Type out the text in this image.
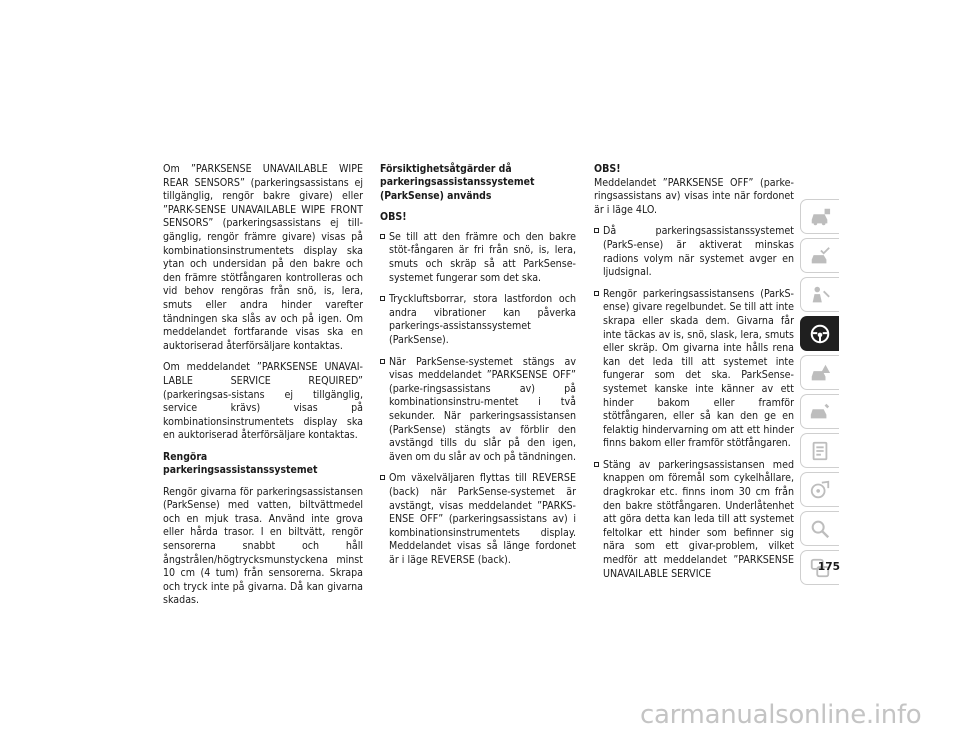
Om ”PARKSENSE UNAVAILABLE WIPE REAR SENSORS” (parkeringsassistans ej tillgänglig, rengör bakre givare) eller ”PARK-SENSE UNAVAILABLE WIPE FRONT SENSORS” (parkeringsassistans ej till-gänglig, rengör främre givare) visas på kombinationsinstrumentets display ska ytan och undersidan på den bakre och den främre stötfångaren kontrolleras och vid behov rengöras från snö, is, lera, smuts eller andra hinder varefter tändningen ska slås av och på igen. Om meddelandet fortfarande visas ska en auktoriserad återförsäljare kontaktas.

Om meddelandet ”PARKSENSE UNAVAI-LABLE SERVICE REQUIRED” (parkeringsas-sistans ej tillgänglig, service krävs) visas på kombinationsinstrumentets display ska en auktoriserad återförsäljare kontaktas.

Rengöra parkeringsassistanssystemet

Rengör givarna för parkeringsassistansen (ParkSense) med vatten, biltvättmedel och en mjuk trasa. Använd inte grova eller hårda trasor. I en biltvätt, rengör sensorerna snabbt och håll ångstrålen/högtrycksmunstyckena minst 10 cm (4 tum) från sensorerna. Skrapa och tryck inte på givarna. Då kan givarna skadas.

Försiktighetsåtgärder då parkeringsassistanssystemet (ParkSense) används
OBS!
Se till att den främre och den bakre stöt-fångaren är fri från snö, is, lera, smuts och skräp så att ParkSense-systemet fungerar som det ska.
Tryckluftsborrar, stora lastfordon och andra vibrationer kan påverka parkerings-assistanssystemet (ParkSense).
När ParkSense-systemet stängs av visas meddelandet ”PARKSENSE OFF” (parke-ringsassistans av) på kombinationsinstru-mentet i två sekunder. När parkeringsassistansen (ParkSense) stängts av förblir den avstängd tills du slår på den igen, även om du slår av och på tändningen.
Om växelväljaren flyttas till REVERSE (back) när ParkSense-systemet är avstängt, visas meddelandet ”PARKS-ENSE OFF” (parkeringsassistans av) i kombinationsinstrumentets display. Meddelandet visas så länge fordonet är i läge REVERSE (back).
OBS!

Meddelandet ”PARKSENSE OFF” (parke-ringsassistans av) visas inte när fordonet är i läge 4LO.

Då parkeringsassistanssystemet (ParkS-ense) är aktiverat minskas radions volym när systemet avger en ljudsignal.
Rengör parkeringsassistansens (ParkS-ense) givare regelbundet. Se till att inte skrapa eller skada dem. Givarna får inte täckas av is, snö, slask, lera, smuts eller skräp. Om givarna inte hålls rena kan det leda till att systemet inte fungerar som det ska. ParkSense-systemet kanske inte känner av ett hinder bakom eller framför stötfångaren, eller så kan den ge en felaktig hindervarning om att ett hinder finns bakom eller framför stötfångaren.
Stäng av parkeringsassistansen med knappen om föremål som cykelhållare, dragkrokar etc. finns inom 30 cm från den bakre stötfångaren. Underlåtenhet att göra detta kan leda till att systemet feltolkar ett hinder som befinner sig nära som ett givar-problem, vilket medför att meddelandet ”PARKSENSE UNAVAILABLE SERVICE
175
carmanualsonline.info
